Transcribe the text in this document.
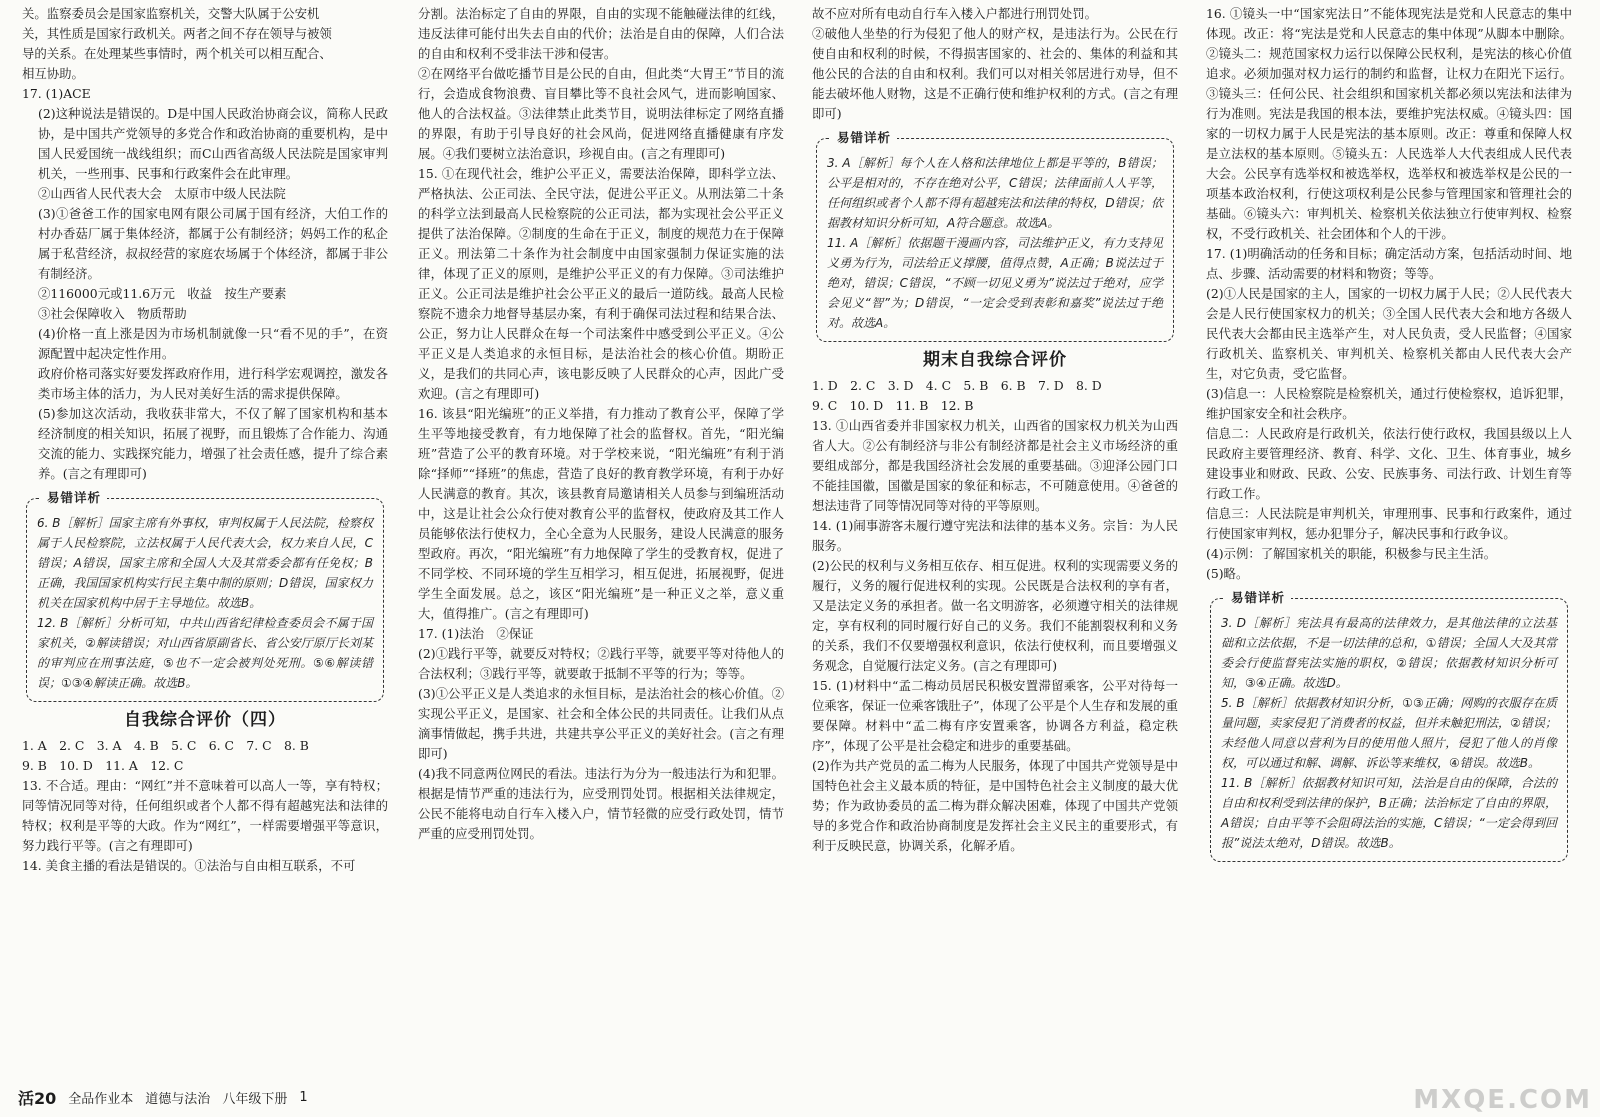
关。监察委员会是国家监察机关，交警大队属于公安机

关，其性质是国家行政机关。两者之间不存在领导与被领

导的关系。在处理某些事情时，两个机关可以相互配合、

相互协助。

17. (1)ACE

(2)这种说法是错误的。D是中国人民政治协商会议，简称人民政协，是中国共产党领导的多党合作和政治协商的重要机构，是中国人民爱国统一战线组织；而C山西省高级人民法院是国家审判机关，一些刑事、民事和行政案件会在此审理。

②山西省人民代表大会　太原市中级人民法院

(3)①爸爸工作的国家电网有限公司属于国有经济，大伯工作的村办香菇厂属于集体经济，都属于公有制经济；妈妈工作的私企属于私营经济，叔叔经营的家庭农场属于个体经济，都属于非公有制经济。

②116000元或11.6万元　收益　按生产要素

③社会保障收入　物质帮助

(4)价格一直上涨是因为市场机制就像一只“看不见的手”，在资源配置中起决定性作用。

政府价格司落实好要发挥政府作用，进行科学宏观调控，激发各类市场主体的活力，为人民对美好生活的需求提供保障。

(5)参加这次活动，我收获非常大，不仅了解了国家机构和基本经济制度的相关知识，拓展了视野，而且锻炼了合作能力、沟通交流的能力、实践探究能力，增强了社会责任感，提升了综合素养。(言之有理即可)

易错详析

6. B［解析］国家主席有外事权，审判权属于人民法院，检察权属于人民检察院，立法权属于人民代表大会，权力来自人民，C错误；A错误，国家主席和全国人大及其常委会都有任免权；B正确，我国国家机构实行民主集中制的原则；D错误，国家权力机关在国家机构中居于主导地位。故选B。

12. B［解析］分析可知，中共山西省纪律检查委员会不属于国家机关，②解读错误；对山西省原副省长、省公安厅原厅长刘某的审判应在刑事法庭，⑤也不一定会被判处死刑。⑤⑥解读错误；①③④解读正确。故选B。

自我综合评价（四）

1. A　2. C　3. A　4. B　5. C　6. C　7. C　8. B

9. B　10. D　11. A　12. C

13. 不合适。理由：“网红”并不意味着可以高人一等，享有特权；同等情况同等对待，任何组织或者个人都不得有超越宪法和法律的特权；权利是平等的大政。作为“网红”，一样需要增强平等意识，努力践行平等。(言之有理即可)

14. 美食主播的看法是错误的。①法治与自由相互联系，不可

分割。法治标定了自由的界限，自由的实现不能触碰法律的红线，违反法律可能付出失去自由的代价；法治是自由的保障，人们合法的自由和权利不受非法干涉和侵害。

②在网络平台做吃播节目是公民的自由，但此类“大胃王”节目的流行，会造成食物浪费、盲目攀比等不良社会风气，进而影响国家、他人的合法权益。③法律禁止此类节目，说明法律标定了网络直播的界限，有助于引导良好的社会风尚，促进网络直播健康有序发展。④我们要树立法治意识，珍视自由。(言之有理即可)

15. ①在现代社会，维护公平正义，需要法治保障，即科学立法、严格执法、公正司法、全民守法，促进公平正义。从刑法第二十条的科学立法到最高人民检察院的公正司法，都为实现社会公平正义提供了法治保障。②制度的生命在于正义，制度的规范力在于保障正义。刑法第二十条作为社会制度中由国家强制力保证实施的法律，体现了正义的原则，是维护公平正义的有力保障。③司法维护正义。公正司法是维护社会公平正义的最后一道防线。最高人民检察院不遗余力地督导基层办案，有利于确保司法过程和结果合法、公正，努力让人民群众在每一个司法案件中感受到公平正义。④公平正义是人类追求的永恒目标，是法治社会的核心价值。期盼正义，是我们的共同心声，该电影反映了人民群众的心声，因此广受欢迎。(言之有理即可)

16. 该县“阳光编班”的正义举措，有力推动了教育公平，保障了学生平等地接受教育，有力地保障了社会的监督权。首先，“阳光编班”营造了公平的教育环境。对于学校来说，“阳光编班”有利于消除“择师”“择班”的焦虑，营造了良好的教育教学环境，有利于办好人民满意的教育。其次，该县教育局邀请相关人员参与到编班活动中，这是让社会公众行使对教育公平的监督权，使政府及其工作人员能够依法行使权力，全心全意为人民服务，建设人民满意的服务型政府。再次，“阳光编班”有力地保障了学生的受教育权，促进了不同学校、不同环境的学生互相学习，相互促进，拓展视野，促进学生全面发展。总之，该区“阳光编班”是一种正义之举，意义重大，值得推广。(言之有理即可)

17. (1)法治　②保证

(2)①践行平等，就要反对特权；②践行平等，就要平等对待他人的合法权利；③践行平等，就要敢于抵制不平等的行为；等等。

(3)①公平正义是人类追求的永恒目标，是法治社会的核心价值。②实现公平正义，是国家、社会和全体公民的共同责任。让我们从点滴事情做起，携手共进，共建共享公平正义的美好社会。(言之有理即可)

(4)我不同意两位网民的看法。违法行为分为一般违法行为和犯罪。根据是情节严重的违法行为，应受刑罚处罚。根据相关法律规定，公民不能将电动自行车入楼入户，情节轻微的应受行政处罚，情节严重的应受刑罚处罚。

故不应对所有电动自行车入楼入户都进行刑罚处罚。

②破他人坐垫的行为侵犯了他人的财产权，是违法行为。公民在行使自由和权利的时候，不得损害国家的、社会的、集体的利益和其他公民的合法的自由和权利。我们可以对相关邻居进行劝导，但不能去破坏他人财物，这是不正确行使和维护权利的方式。(言之有理即可)

易错详析

3. A［解析］每个人在人格和法律地位上都是平等的，B错误；公平是相对的，不存在绝对公平，C错误；法律面前人人平等，任何组织或者个人都不得有超越宪法和法律的特权，D错误；依据教材知识分析可知，A符合题意。故选A。

11. A［解析］依据题干漫画内容，司法维护正义，有力支持见义勇为行为，司法给正义撑腰，值得点赞，A正确；B说法过于绝对，错误；C错误，“不顾一切见义勇为”说法过于绝对，应学会见义“智”为；D错误，“一定会受到表彰和嘉奖”说法过于绝对。故选A。

期末自我综合评价

1. D　2. C　3. D　4. C　5. B　6. B　7. D　8. D

9. C　10. D　11. B　12. B

13. ①山西省委并非国家权力机关，山西省的国家权力机关为山西省人大。②公有制经济与非公有制经济都是社会主义市场经济的重要组成部分，都是我国经济社会发展的重要基础。③迎泽公园门口不能挂国徽，国徽是国家的象征和标志，不可随意使用。④爸爸的想法违背了同等情况同等对待的平等原则。

14. (1)闹事游客未履行遵守宪法和法律的基本义务。宗旨：为人民服务。

(2)公民的权利与义务相互依存、相互促进。权利的实现需要义务的履行，义务的履行促进权利的实现。公民既是合法权利的享有者，又是法定义务的承担者。做一名文明游客，必须遵守相关的法律规定，享有权利的同时履行好自己的义务。我们不能割裂权利和义务的关系，我们不仅要增强权利意识，依法行使权利，而且要增强义务观念，自觉履行法定义务。(言之有理即可)

15. (1)材料中“孟二梅动员居民积极安置滞留乘客，公平对待每一位乘客，保证一位乘客饿肚子”，体现了公平是个人生存和发展的重要保障。材料中“孟二梅有序安置乘客，协调各方利益，稳定秩序”，体现了公平是社会稳定和进步的重要基础。

(2)作为共产党员的孟二梅为人民服务，体现了中国共产党领导是中国特色社会主义最本质的特征，是中国特色社会主义制度的最大优势；作为政协委员的孟二梅为群众解决困难，体现了中国共产党领导的多党合作和政治协商制度是发挥社会主义民主的重要形式，有利于反映民意，协调关系，化解矛盾。

16. ①镜头一中“国家宪法日”不能体现宪法是党和人民意志的集中体现。改正：将“宪法是党和人民意志的集中体现”从脚本中删除。②镜头二：规范国家权力运行以保障公民权利，是宪法的核心价值追求。必须加强对权力运行的制约和监督，让权力在阳光下运行。③镜头三：任何公民、社会组织和国家机关都必须以宪法和法律为行为准则。宪法是我国的根本法，要维护宪法权威。④镜头四：国家的一切权力属于人民是宪法的基本原则。改正：尊重和保障人权是立法权的基本原则。⑤镜头五：人民选举人大代表组成人民代表大会。公民享有选举权和被选举权，选举权和被选举权是公民的一项基本政治权利，行使这项权利是公民参与管理国家和管理社会的基础。⑥镜头六：审判机关、检察机关依法独立行使审判权、检察权，不受行政机关、社会团体和个人的干涉。

17. (1)明确活动的任务和目标；确定活动方案，包括活动时间、地点、步骤、活动需要的材料和物资；等等。

(2)①人民是国家的主人，国家的一切权力属于人民；②人民代表大会是人民行使国家权力的机关；③全国人民代表大会和地方各级人民代表大会都由民主选举产生，对人民负责，受人民监督；④国家行政机关、监察机关、审判机关、检察机关都由人民代表大会产生，对它负责，受它监督。

(3)信息一：人民检察院是检察机关，通过行使检察权，追诉犯罪，维护国家安全和社会秩序。

信息二：人民政府是行政机关，依法行使行政权，我国县级以上人民政府主要管理经济、教育、科学、文化、卫生、体育事业，城乡建设事业和财政、民政、公安、民族事务、司法行政、计划生育等行政工作。

信息三：人民法院是审判机关，审理刑事、民事和行政案件，通过行使国家审判权，惩办犯罪分子，解决民事和行政争议。

(4)示例：了解国家机关的职能，积极参与民主生活。

(5)略。

易错详析

3. D［解析］宪法具有最高的法律效力，是其他法律的立法基础和立法依据，不是一切法律的总和，①错误；全国人大及其常委会行使监督宪法实施的职权，②错误；依据教材知识分析可知，③④正确。故选D。

5. B［解析］依据教材知识分析，①③正确；网购的衣服存在质量问题，卖家侵犯了消费者的权益，但并未触犯刑法，②错误；未经他人同意以营利为目的使用他人照片，侵犯了他人的肖像权，可以通过和解、调解、诉讼等来维权，④错误。故选B。

11. B［解析］依据教材知识可知，法治是自由的保障，合法的自由和权利受到法律的保护，B正确；法治标定了自由的界限，A错误；自由平等不会阻碍法治的实施，C错误；“一定会得到回报”说法太绝对，D错误。故选B。

活20 全品作业本 道德与法治 八年级下册 1	MXQE.COM
